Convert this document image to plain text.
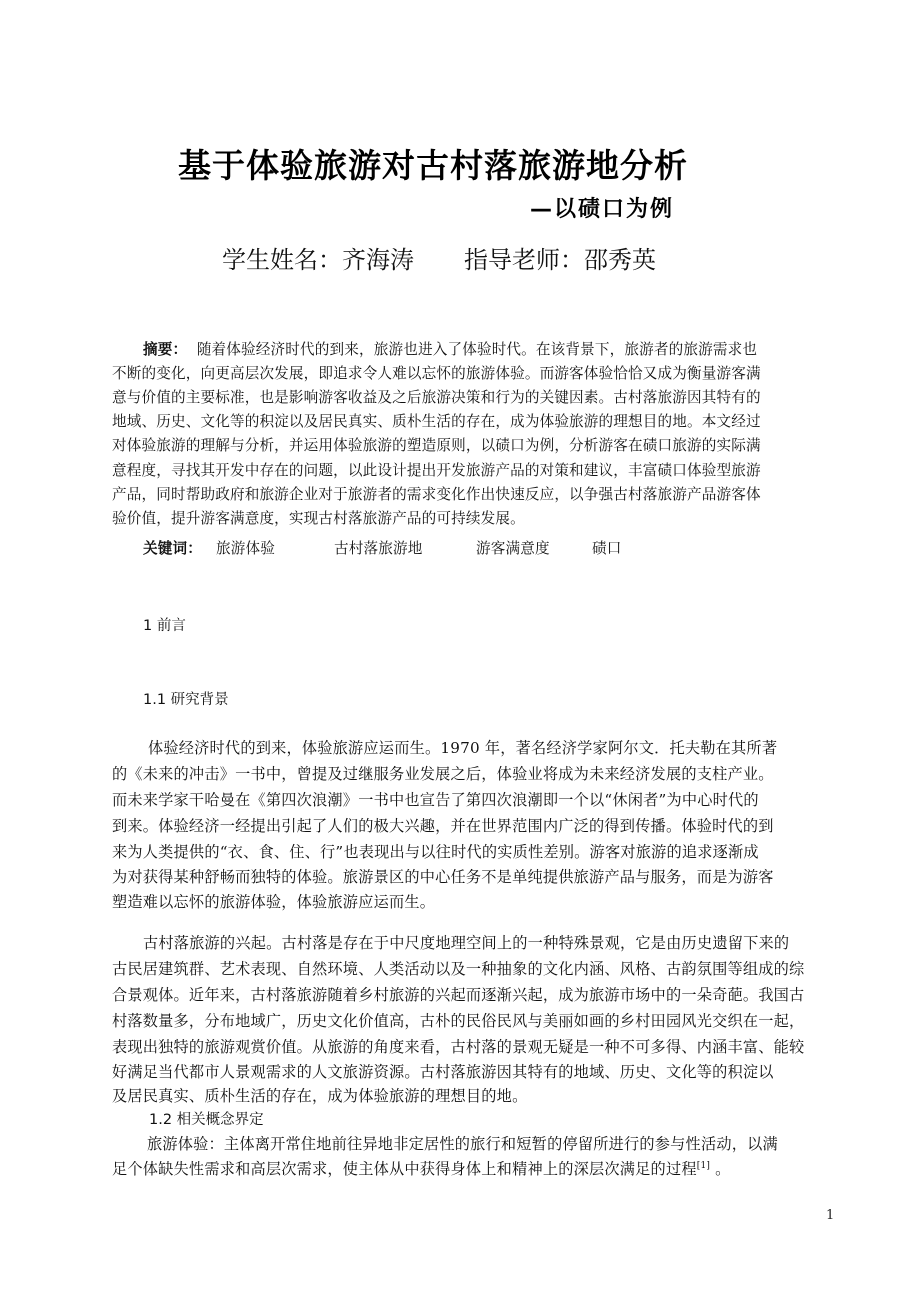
基于体验旅游对古村落旅游地分析
—以碛口为例
学生姓名：齐海涛 指导老师：邵秀英
摘要： 随着体验经济时代的到来，旅游也进入了体验时代。在该背景下，旅游者的旅游需求也
不断的变化，向更高层次发展，即追求令人难以忘怀的旅游体验。而游客体验恰恰又成为衡量游客满
意与价值的主要标准，也是影响游客收益及之后旅游决策和行为的关键因素。古村落旅游因其特有的
地域、历史、文化等的积淀以及居民真实、质朴生活的存在，成为体验旅游的理想目的地。本文经过
对体验旅游的理解与分析，并运用体验旅游的塑造原则，以碛口为例，分析游客在碛口旅游的实际满
意程度，寻找其开发中存在的问题，以此设计提出开发旅游产品的对策和建议，丰富碛口体验型旅游
产品，同时帮助政府和旅游企业对于旅游者的需求变化作出快速反应，以争强古村落旅游产品游客体
验价值，提升游客满意度，实现古村落旅游产品的可持续发展。
关键词： 旅游体验	古村落旅游地	游客满意度	碛口
1 前言
1.1 研究背景
体验经济时代的到来，体验旅游应运而生。1970 年，著名经济学家阿尔文．托夫勒在其所著
的《未来的冲击》一书中，曾提及过继服务业发展之后，体验业将成为未来经济发展的支柱产业。
而未来学家干哈曼在《第四次浪潮》一书中也宣告了第四次浪潮即一个以“休闲者”为中心时代的
到来。体验经济一经提出引起了人们的极大兴趣，并在世界范围内广泛的得到传播。体验时代的到
来为人类提供的“衣、食、住、行”也表现出与以往时代的实质性差别。游客对旅游的追求逐渐成
为对获得某种舒畅而独特的体验。旅游景区的中心任务不是单纯提供旅游产品与服务，而是为游客
塑造难以忘怀的旅游体验，体验旅游应运而生。
古村落旅游的兴起。古村落是存在于中尺度地理空间上的一种特殊景观，它是由历史遗留下来的
古民居建筑群、艺术表现、自然环境、人类活动以及一种抽象的文化内涵、风格、古韵氛围等组成的综
合景观体。近年来，古村落旅游随着乡村旅游的兴起而逐渐兴起，成为旅游市场中的一朵奇葩。我国古
村落数量多，分布地域广，历史文化价值高，古朴的民俗民风与美丽如画的乡村田园风光交织在一起，
表现出独特的旅游观赏价值。从旅游的角度来看，古村落的景观无疑是一种不可多得、内涵丰富、能较
好满足当代都市人景观需求的人文旅游资源。古村落旅游因其特有的地域、历史、文化等的积淀以
及居民真实、质朴生活的存在，成为体验旅游的理想目的地。
1.2 相关概念界定
旅游体验：主体离开常住地前往异地非定居性的旅行和短暂的停留所进行的参与性活动，以满
足个体缺失性需求和高层次需求，使主体从中获得身体上和精神上的深层次满足的过程[1] 。
1
